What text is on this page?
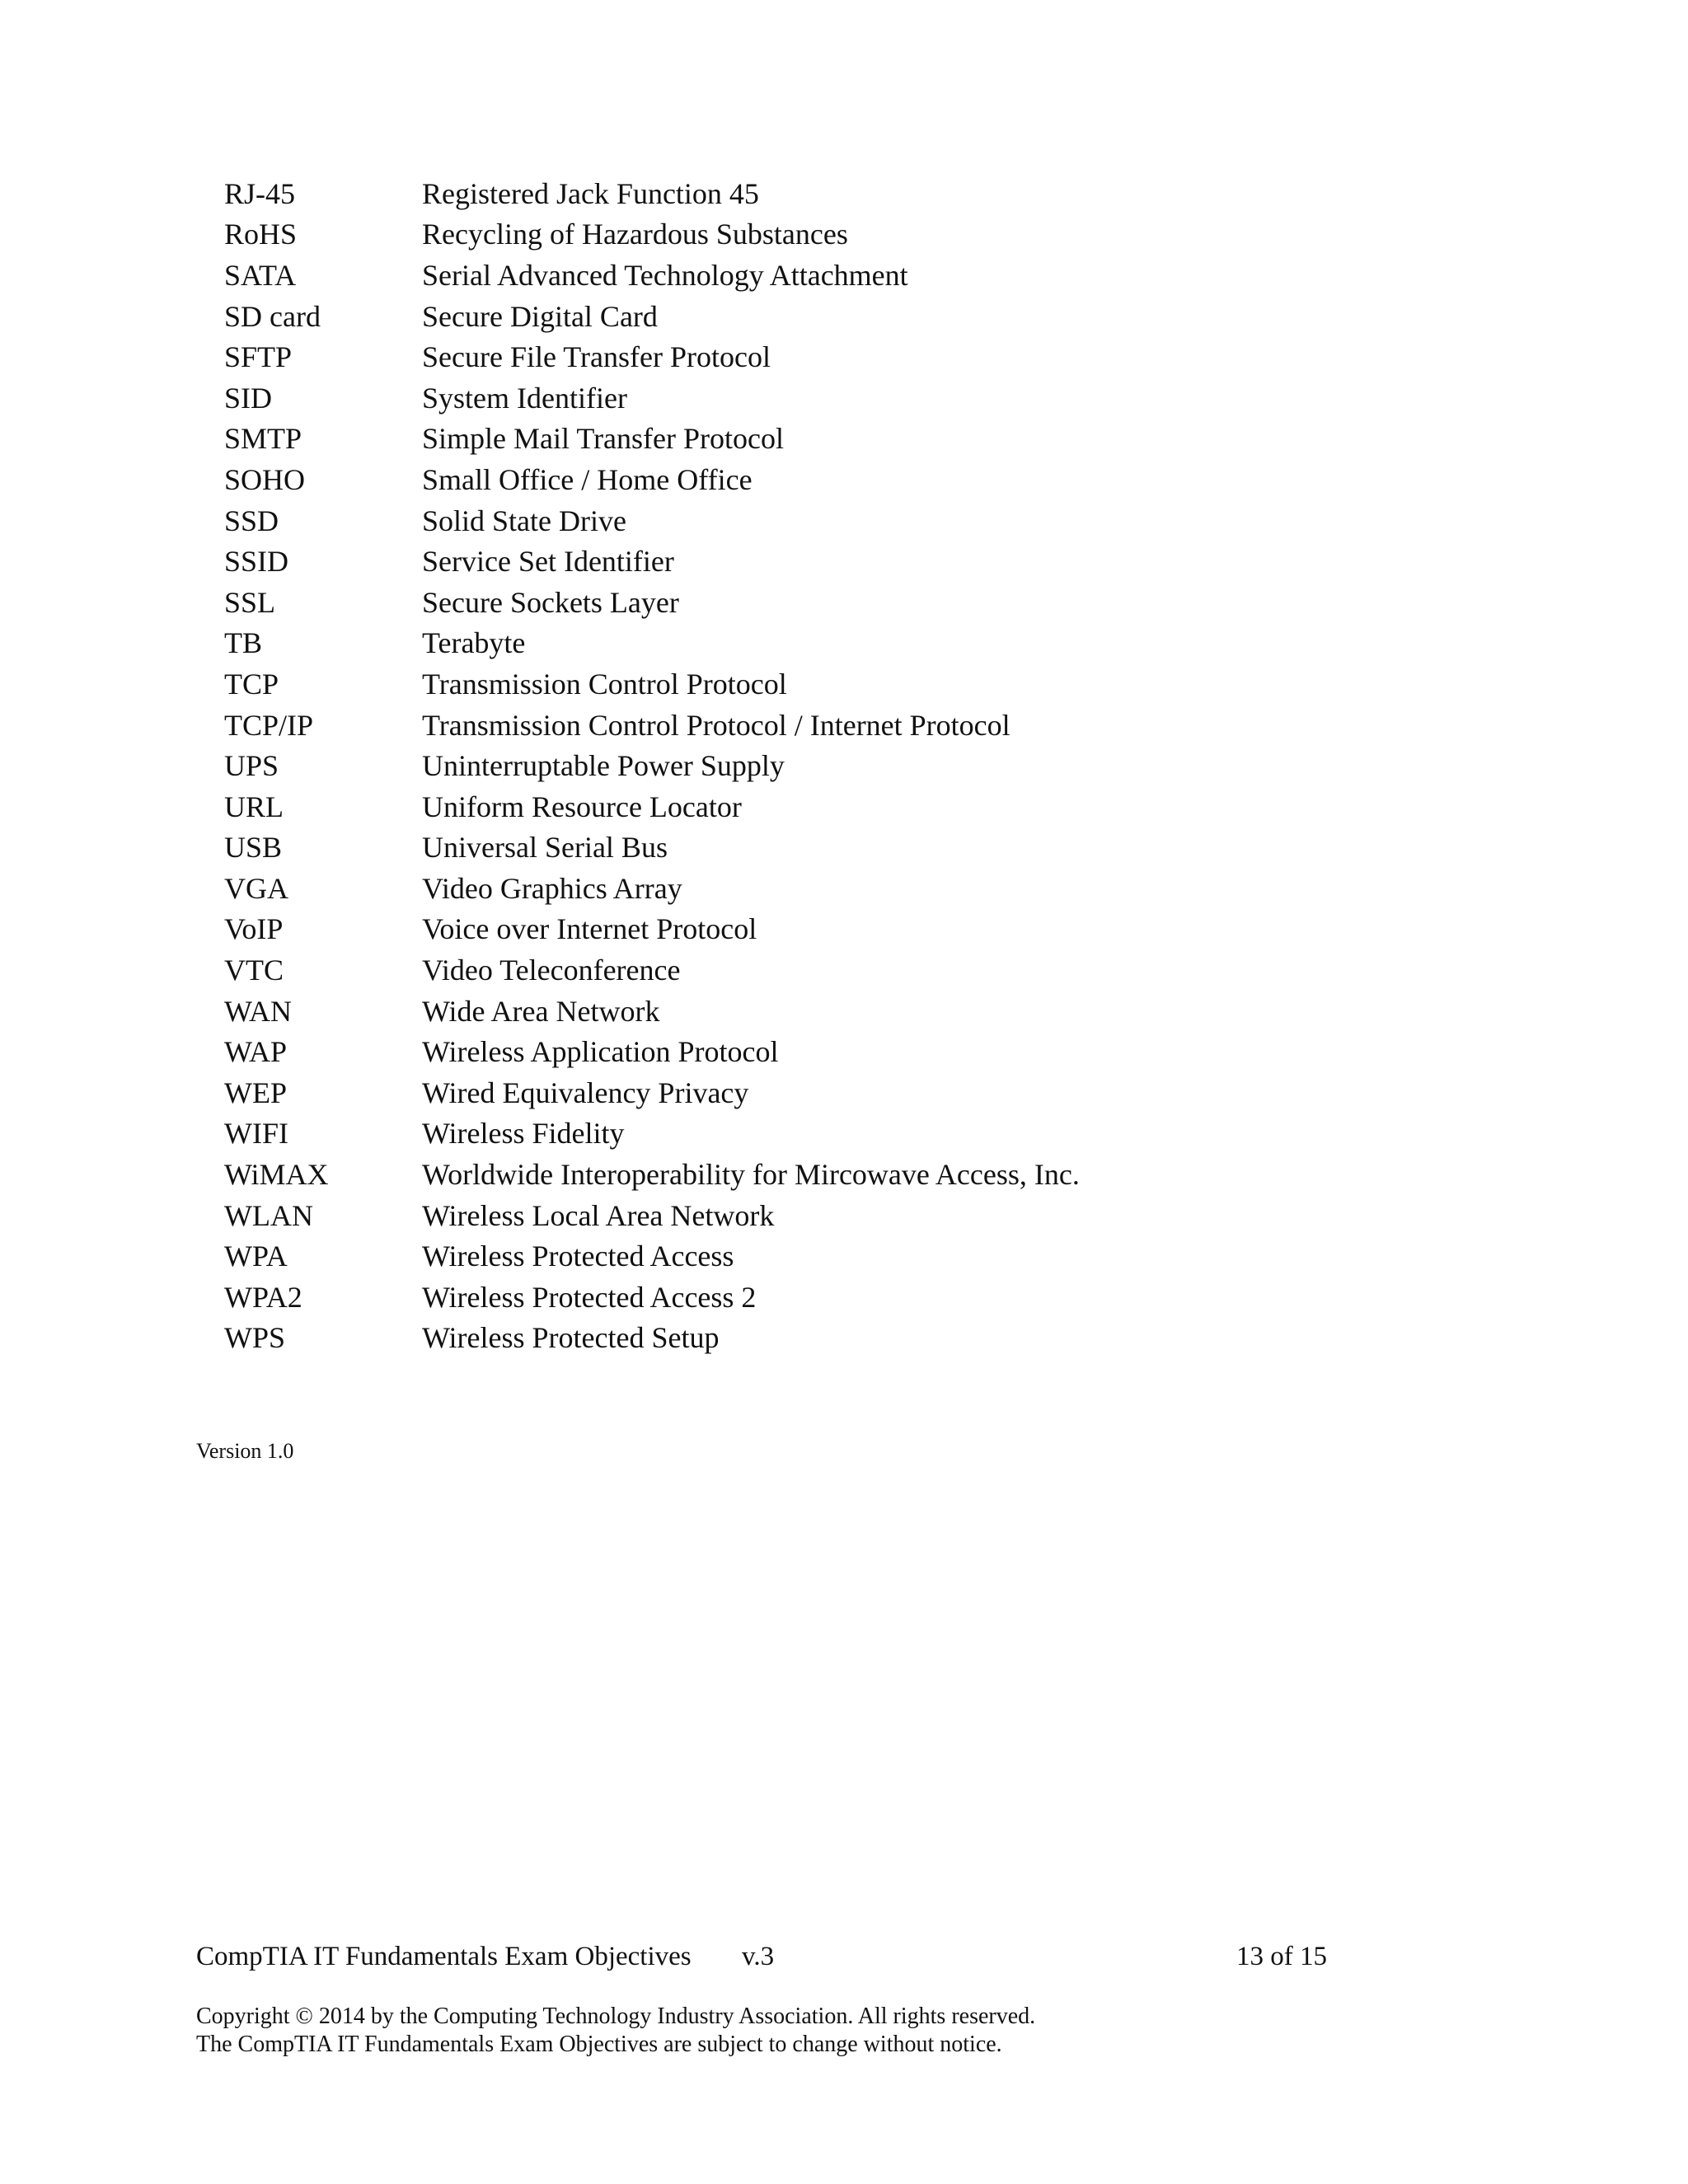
RJ-45	Registered Jack Function 45
RoHS	Recycling of Hazardous Substances
SATA	Serial Advanced Technology Attachment
SD card	Secure Digital Card
SFTP	Secure File Transfer Protocol
SID	System Identifier
SMTP	Simple Mail Transfer Protocol
SOHO	Small Office / Home Office
SSD	Solid State Drive
SSID	Service Set Identifier
SSL	Secure Sockets Layer
TB	Terabyte
TCP	Transmission Control Protocol
TCP/IP	Transmission Control Protocol / Internet Protocol
UPS	Uninterruptable Power Supply
URL	Uniform Resource Locator
USB	Universal Serial Bus
VGA	Video Graphics Array
VoIP	Voice over Internet Protocol
VTC	Video Teleconference
WAN	Wide Area Network
WAP	Wireless Application Protocol
WEP	Wired Equivalency Privacy
WIFI	Wireless Fidelity
WiMAX	Worldwide Interoperability for Mircowave Access, Inc.
WLAN	Wireless Local Area Network
WPA	Wireless Protected Access
WPA2	Wireless Protected Access 2
WPS	Wireless Protected Setup
Version 1.0
CompTIA IT Fundamentals Exam Objectives v.3	13 of 15
Copyright © 2014 by the Computing Technology Industry Association. All rights reserved.
The CompTIA IT Fundamentals Exam Objectives are subject to change without notice.
